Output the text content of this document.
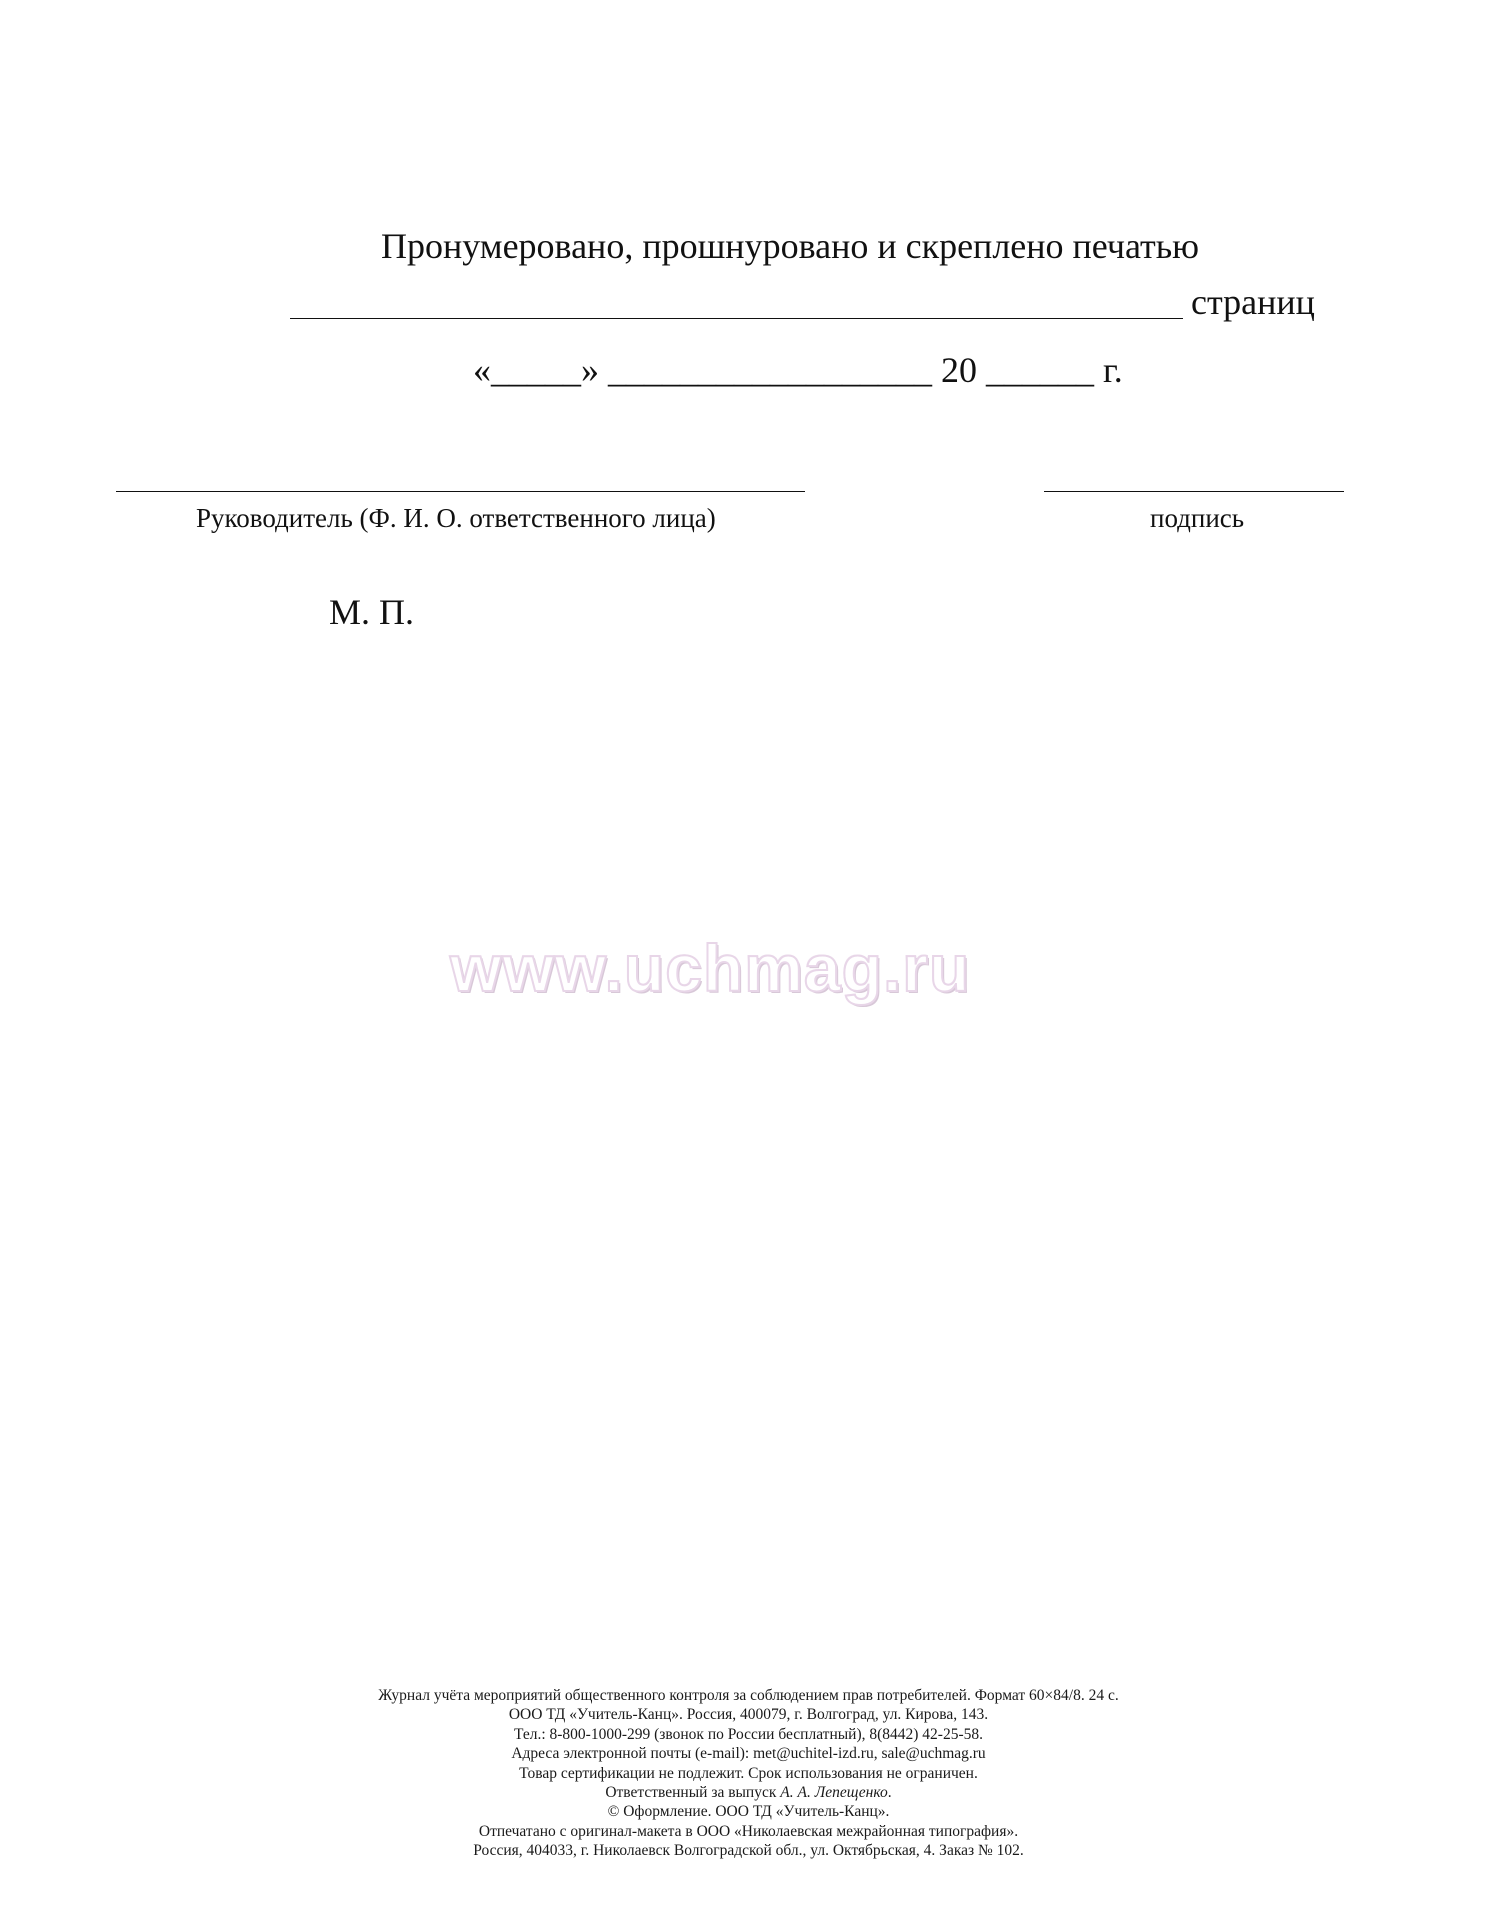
Пронумеровано, прошнуровано и скреплено печатью
страниц
«_____» __________________ 20 ______ г.
Руководитель (Ф. И. О. ответственного лица)	подпись
М. П.
www.uchmag.ru
Журнал учёта мероприятий общественного контроля за соблюдением прав потребителей. Формат 60×84/8. 24 с.
ООО ТД «Учитель-Канц». Россия, 400079, г. Волгоград, ул. Кирова, 143.
Тел.: 8-800-1000-299 (звонок по России бесплатный), 8(8442) 42-25-58.
Адреса электронной почты (e-mail): met@uchitel-izd.ru, sale@uchmag.ru
Товар сертификации не подлежит. Срок использования не ограничен.
Ответственный за выпуск А. А. Лепещенко.
© Оформление. ООО ТД «Учитель-Канц».
Отпечатано с оригинал-макета в ООО «Николаевская межрайонная типография».
Россия, 404033, г. Николаевск Волгоградской обл., ул. Октябрьская, 4. Заказ № 102.
